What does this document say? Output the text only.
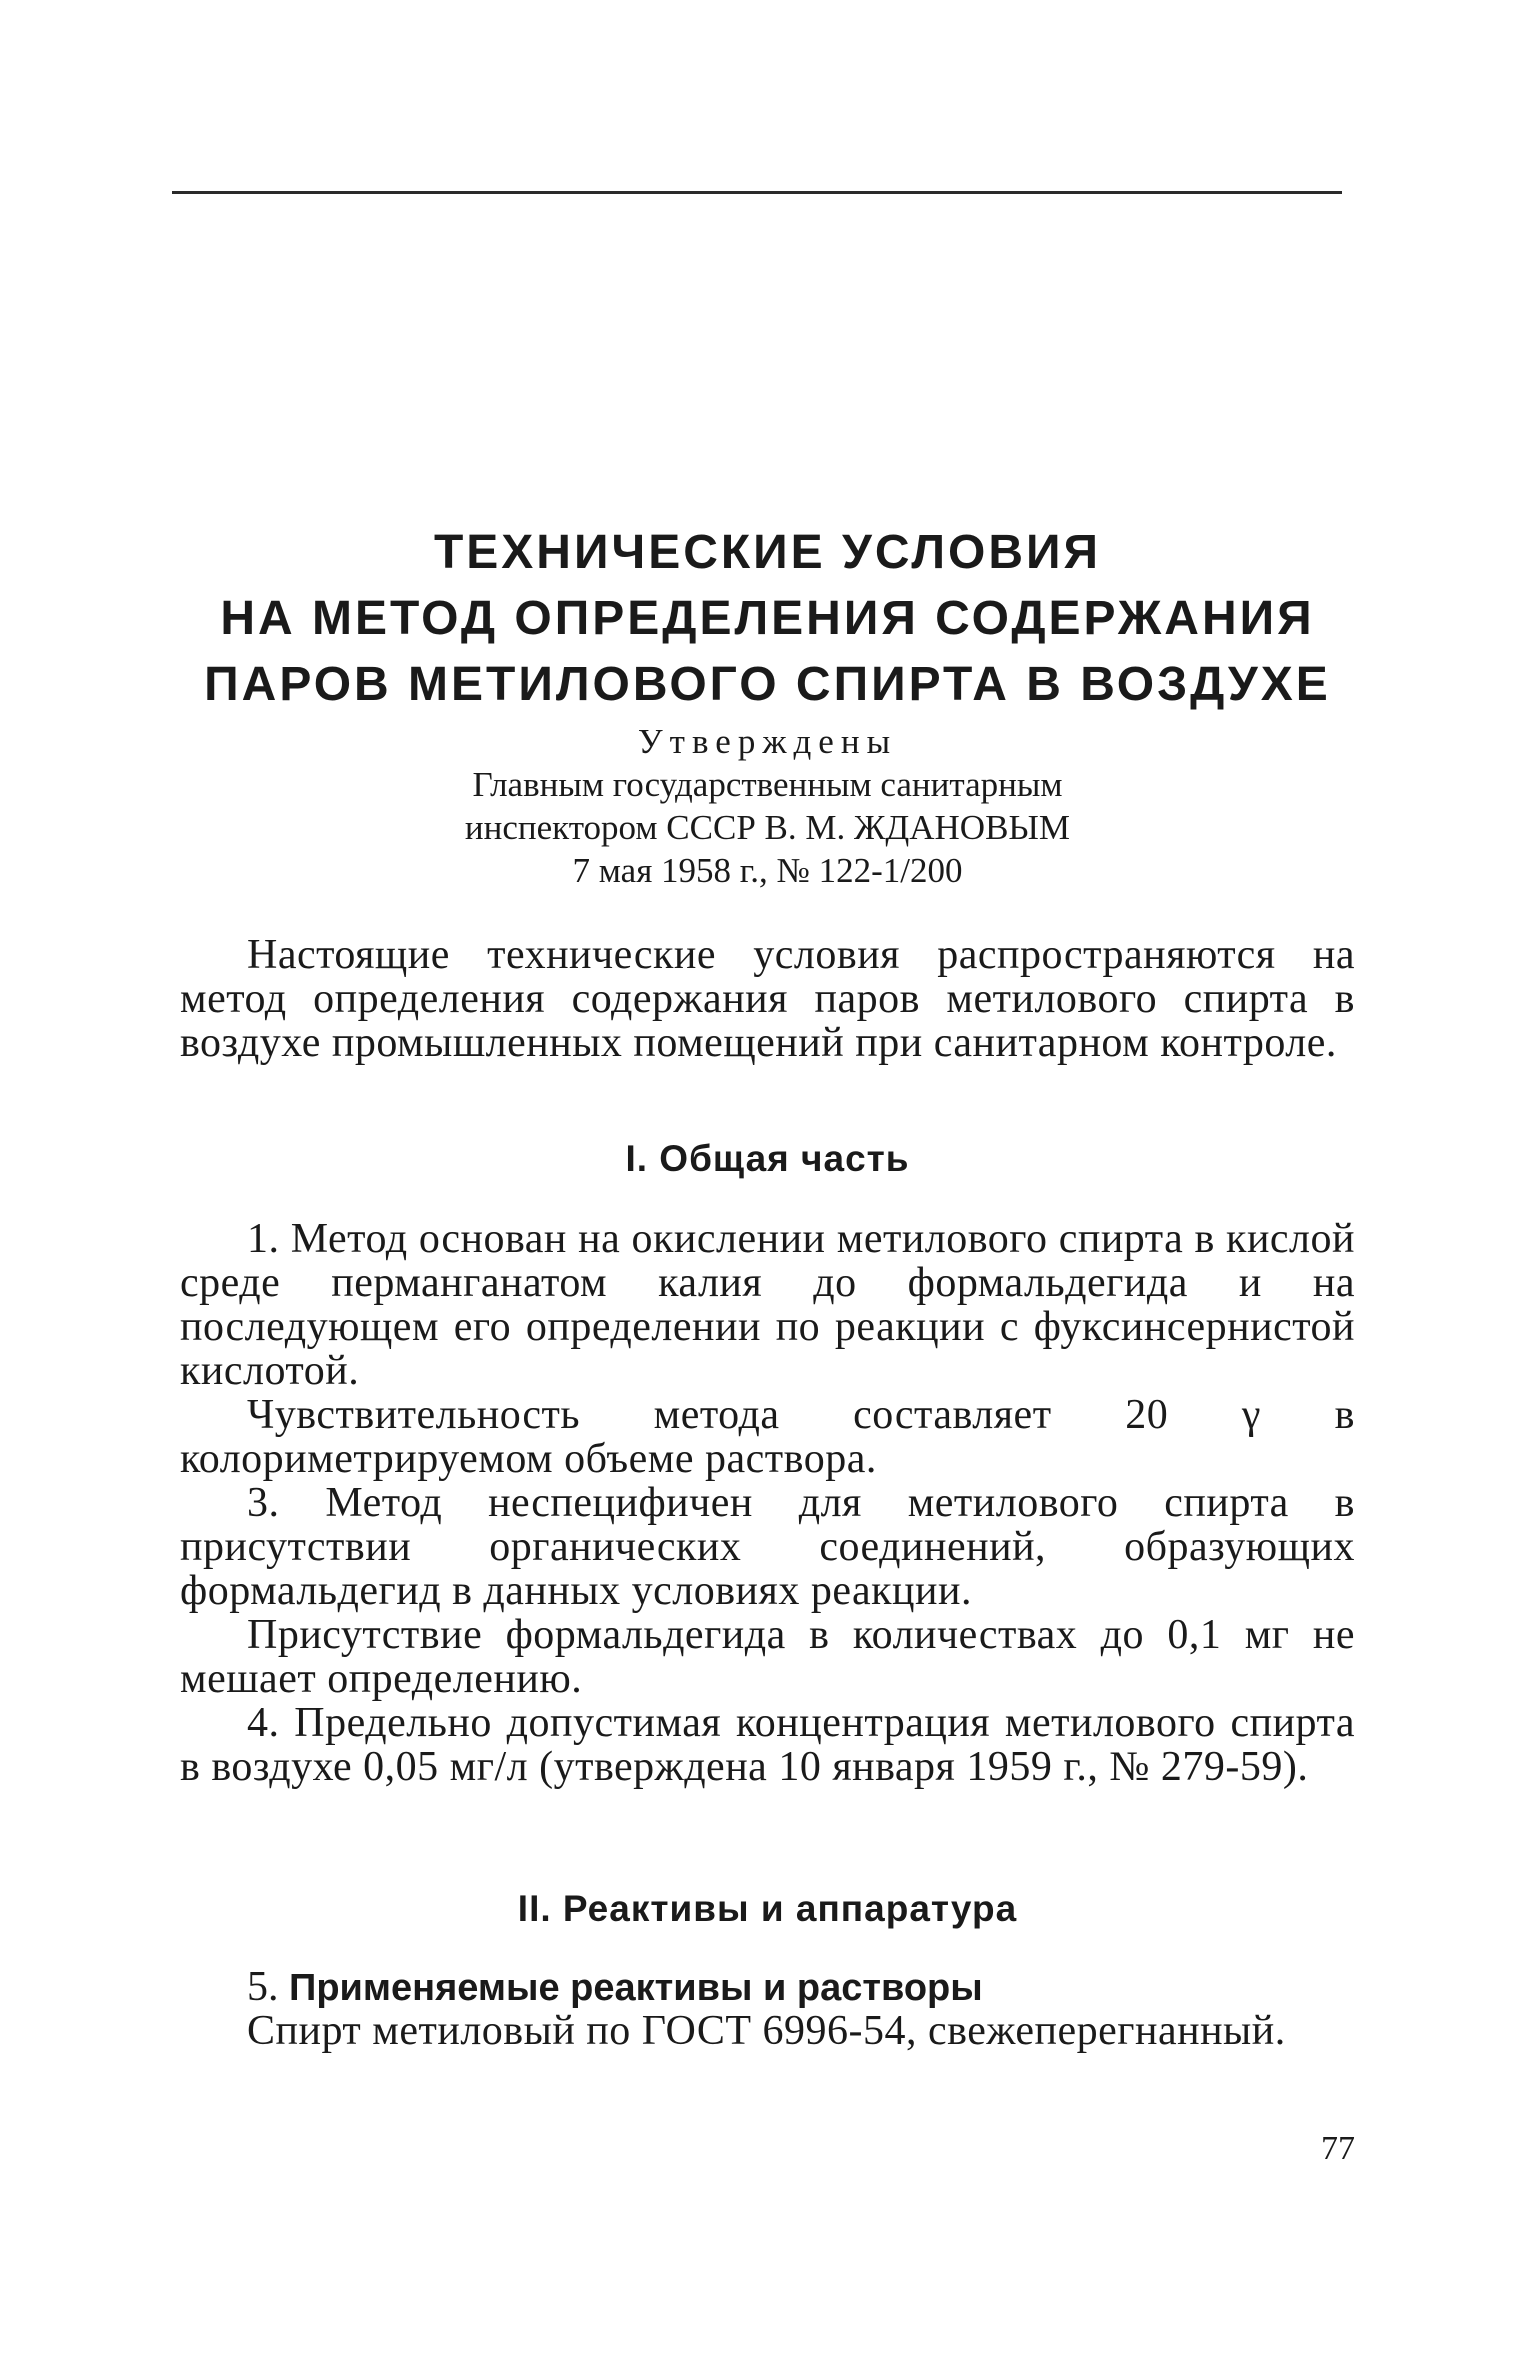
ТЕХНИЧЕСКИЕ УСЛОВИЯ
НА МЕТОД ОПРЕДЕЛЕНИЯ СОДЕРЖАНИЯ
ПАРОВ МЕТИЛОВОГО СПИРТА В ВОЗДУХЕ
Утверждены
Главным государственным санитарным
инспектором СССР В. М. ЖДАНОВЫМ
7 мая 1958 г., № 122-1/200

Настоящие технические условия распространяются на метод определения содержания паров метилового спирта в воздухе промышленных помещений при санитарном контроле.

I. Общая часть

1. Метод основан на окислении метилового спирта в кислой среде перманганатом калия до формальдегида и на последующем его определении по реакции с фуксинсернистой кислотой.

Чувствительность метода составляет 20 γ в колориметрируемом объеме раствора.

3. Метод неспецифичен для метилового спирта в присутствии органических соединений, образующих формальдегид в данных условиях реакции.

Присутствие формальдегида в количествах до 0,1 мг не мешает определению.

4. Предельно допустимая концентрация метилового спирта в воздухе 0,05 мг/л (утверждена 10 января 1959 г., № 279-59).

II. Реактивы и аппаратура
5. Применяемые реактивы и растворы

Спирт метиловый по ГОСТ 6996-54, свежеперегнанный.

77
